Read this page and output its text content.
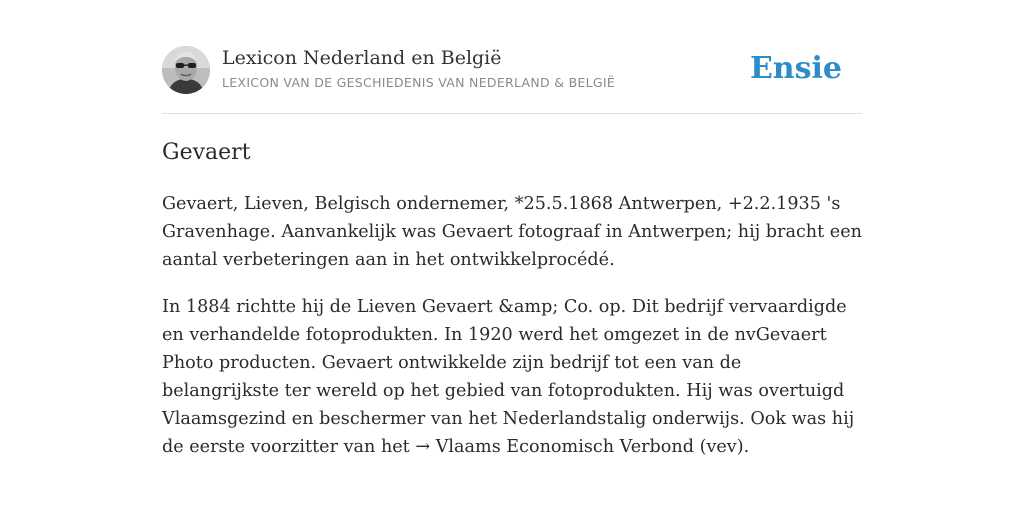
Lexicon Nederland en België
LEXICON VAN DE GESCHIEDENIS VAN NEDERLAND & BELGIË	Ensie
Gevaert

Gevaert, Lieven, Belgisch ondernemer, *25.5.1868 Antwerpen, +2.2.1935 's Gravenhage. Aanvankelijk was Gevaert fotograaf in Antwerpen; hij bracht een aantal verbeteringen aan in het ontwikkelprocédé.

In 1884 richtte hij de Lieven Gevaert &amp; Co. op. Dit bedrijf vervaardigde en verhandelde fotoprodukten. In 1920 werd het omgezet in de nvGevaert Photo producten. Gevaert ontwikkelde zijn bedrijf tot een van de belangrijkste ter wereld op het gebied van fotoprodukten. Hij was overtuigd Vlaamsgezind en beschermer van het Nederlandstalig onderwijs. Ook was hij de eerste voorzitter van het → Vlaams Economisch Verbond (vev).
